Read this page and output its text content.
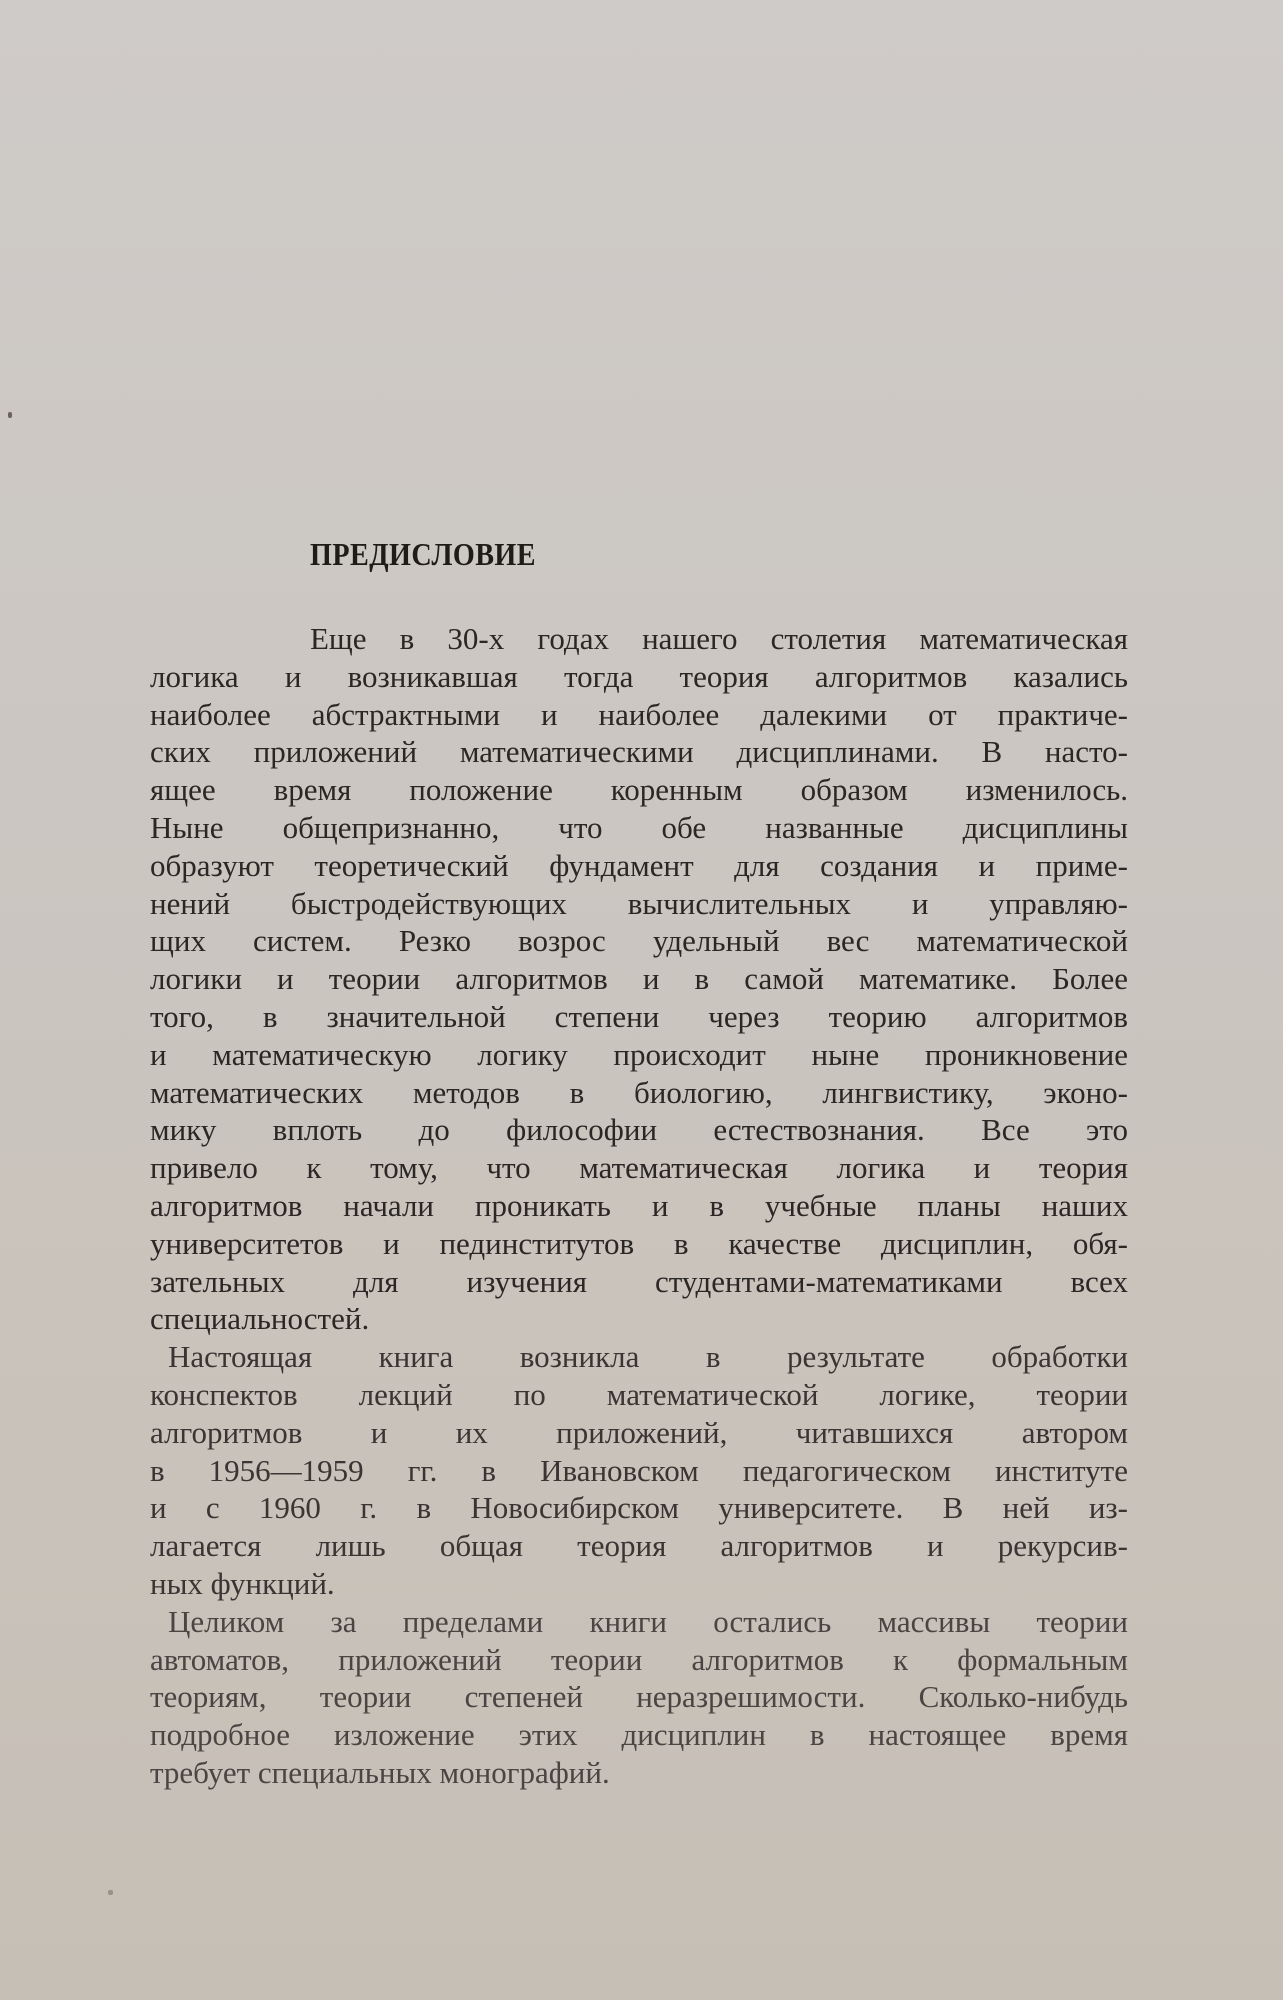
ПРЕДИСЛОВИЕ
Еще в 30-х годах нашего столетия математическая
логика и возникавшая тогда теория алгоритмов казались
наиболее абстрактными и наиболее далекими от практиче-
ских приложений математическими дисциплинами. В насто-
ящее время положение коренным образом изменилось.
Ныне общепризнанно, что обе названные дисциплины
образуют теоретический фундамент для создания и приме-
нений быстродействующих вычислительных и управляю-
щих систем. Резко возрос удельный вес математической
логики и теории алгоритмов и в самой математике. Более
того, в значительной степени через теорию алгоритмов
и математическую логику происходит ныне проникновение
математических методов в биологию, лингвистику, эконо-
мику вплоть до философии естествознания. Все это
привело к тому, что математическая логика и теория
алгоритмов начали проникать и в учебные планы наших
университетов и пединститутов в качестве дисциплин, обя-
зательных для изучения студентами-математиками всех
специальностей.
Настоящая книга возникла в результате обработки
конспектов лекций по математической логике, теории
алгоритмов и их приложений, читавшихся автором
в 1956—1959 гг. в Ивановском педагогическом институте
и с 1960 г. в Новосибирском университете. В ней из-
лагается лишь общая теория алгоритмов и рекурсив-
ных функций.
Целиком за пределами книги остались массивы теории
автоматов, приложений теории алгоритмов к формальным
теориям, теории степеней неразрешимости. Сколько-нибудь
подробное изложение этих дисциплин в настоящее время
требует специальных монографий.
